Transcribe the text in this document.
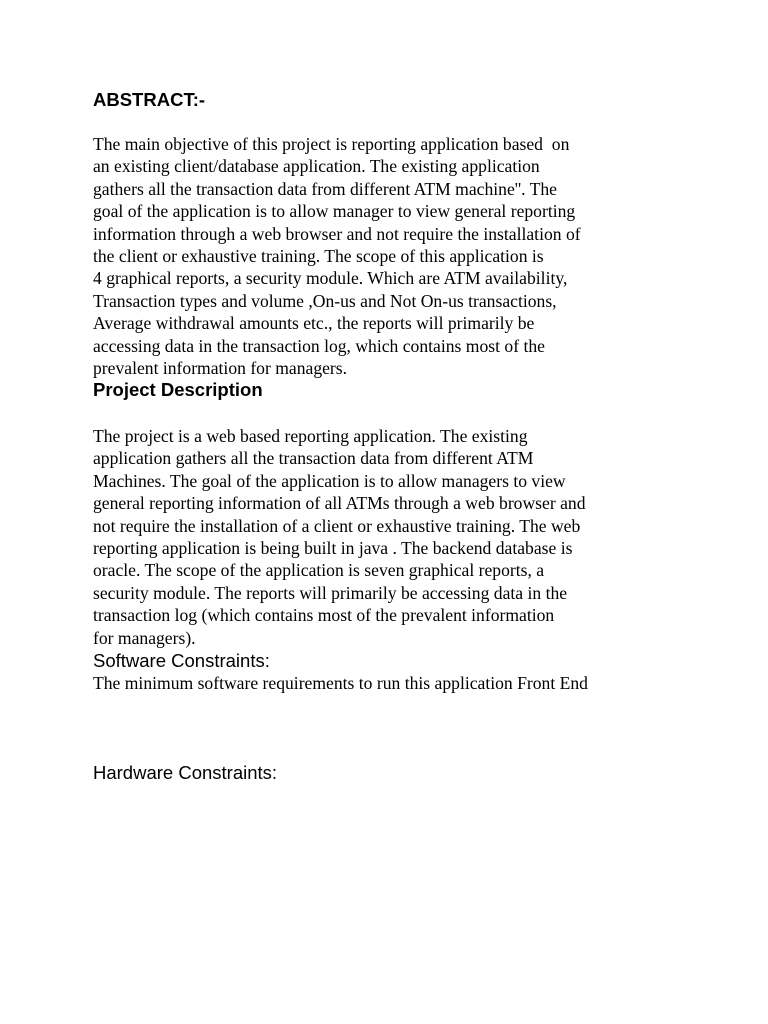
ABSTRACT:-
The main objective of this project is reporting application based  on
an existing client/database application. The existing application
gathers all the transaction data from different ATM machine''. The
goal of the application is to allow manager to view general reporting
information through a web browser and not require the installation of
the client or exhaustive training. The scope of this application is
4 graphical reports, a security module. Which are ATM availability,
Transaction types and volume ,On-us and Not On-us transactions,
Average withdrawal amounts etc., the reports will primarily be
accessing data in the transaction log, which contains most of the
prevalent information for managers.
Project Description
The project is a web based reporting application. The existing
application gathers all the transaction data from different ATM
Machines. The goal of the application is to allow managers to view
general reporting information of all ATMs through a web browser and
not require the installation of a client or exhaustive training. The web
reporting application is being built in java . The backend database is
oracle. The scope of the application is seven graphical reports, a
security module. The reports will primarily be accessing data in the
transaction log (which contains most of the prevalent information
for managers).
Software Constraints:
The minimum software requirements to run this application Front End
Hardware Constraints:
